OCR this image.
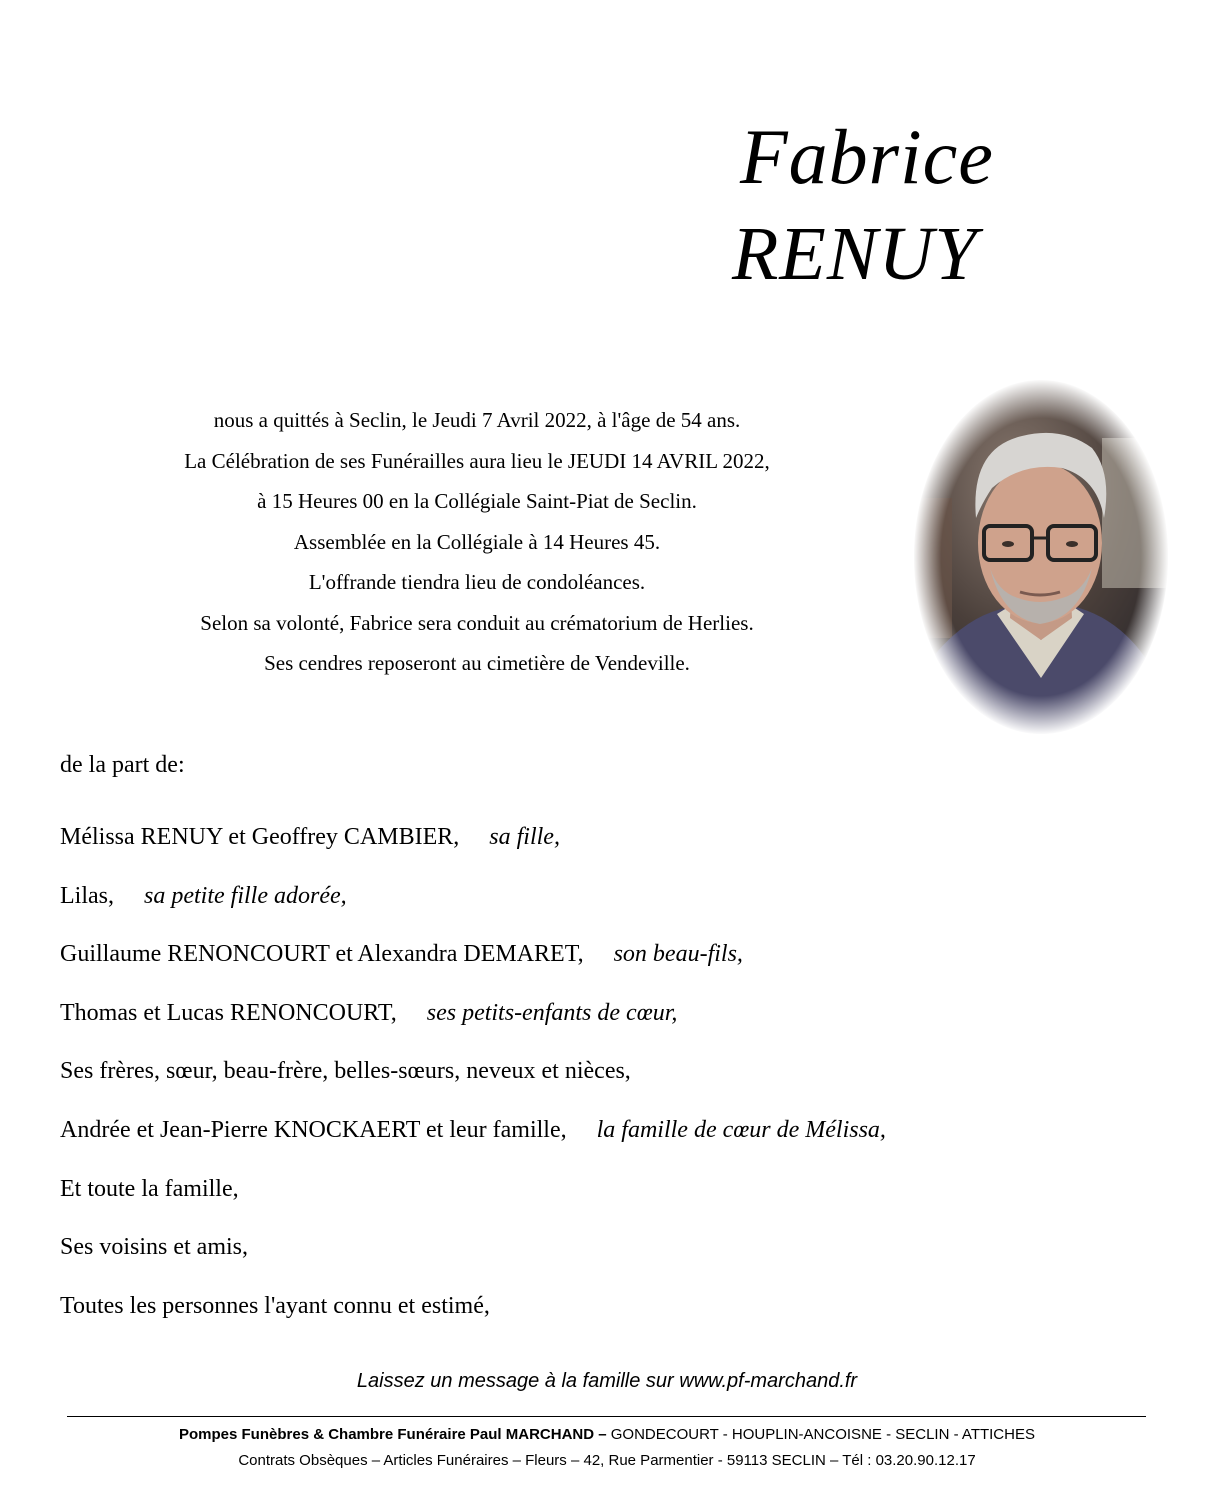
Fabrice
RENUY
nous a quittés à Seclin, le Jeudi 7 Avril 2022, à l'âge de 54 ans.
La Célébration de ses Funérailles aura lieu le JEUDI 14 AVRIL 2022,
à 15 Heures 00 en la Collégiale Saint-Piat de Seclin.
Assemblée en la Collégiale à 14 Heures 45.
L'offrande tiendra lieu de condoléances.
Selon sa volonté, Fabrice sera conduit au crématorium de Herlies.
Ses cendres reposeront au cimetière de Vendeville.
de la part de:
Mélissa RENUY et Geoffrey CAMBIER, sa fille,
Lilas, sa petite fille adorée,
Guillaume RENONCOURT et Alexandra DEMARET, son beau-fils,
Thomas et Lucas RENONCOURT, ses petits-enfants de cœur,
Ses frères, sœur, beau-frère, belles-sœurs, neveux et nièces,
Andrée et Jean-Pierre KNOCKAERT et leur famille, la famille de cœur de Mélissa,
Et toute la famille,
Ses voisins et amis,
Toutes les personnes l'ayant connu et estimé,
Laissez un message à la famille sur www.pf-marchand.fr
Pompes Funèbres & Chambre Funéraire Paul MARCHAND – GONDECOURT - HOUPLIN-ANCOISNE - SECLIN - ATTICHES
Contrats Obsèques – Articles Funéraires – Fleurs – 42, Rue Parmentier - 59113 SECLIN – Tél : 03.20.90.12.17
